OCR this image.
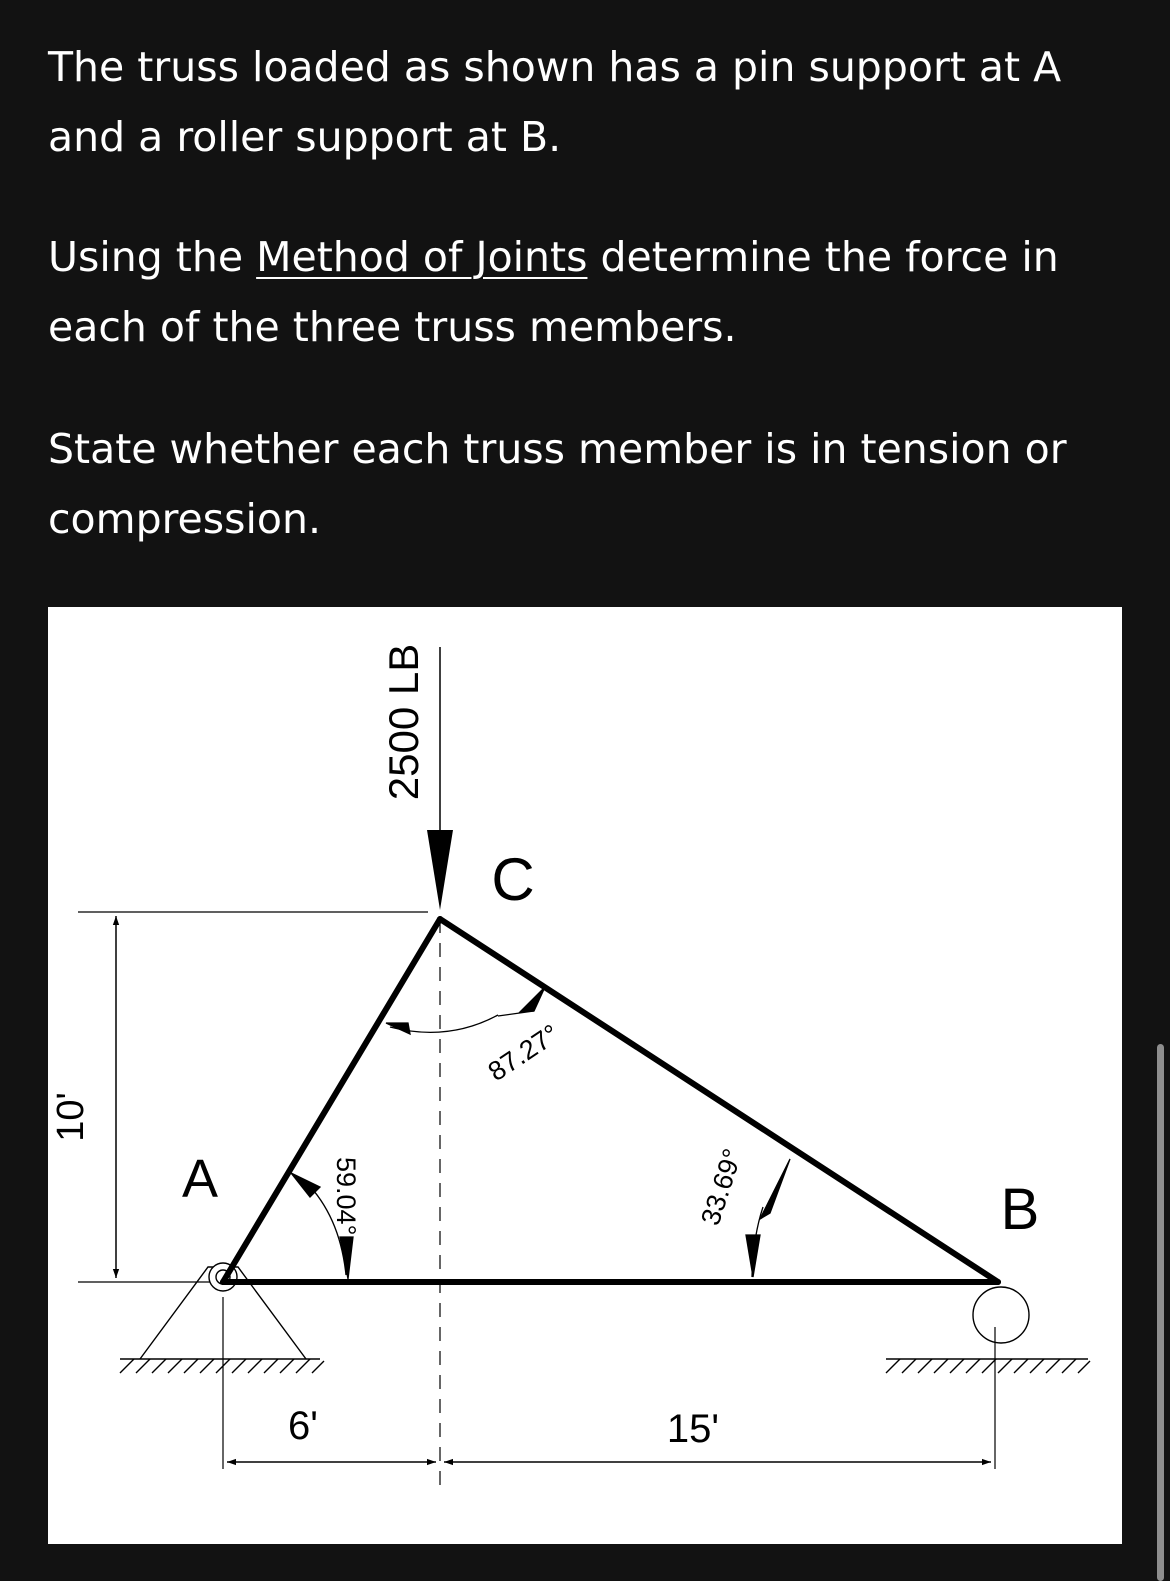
The truss loaded as shown has a pin support at A and a roller support at B.

Using the Method of Joints determine the force in each of the three truss members.

State whether each truss member is in tension or compression.

10'
2500 LB
C
A	B
87.27°
59.04°	33.69°
6'	15'
